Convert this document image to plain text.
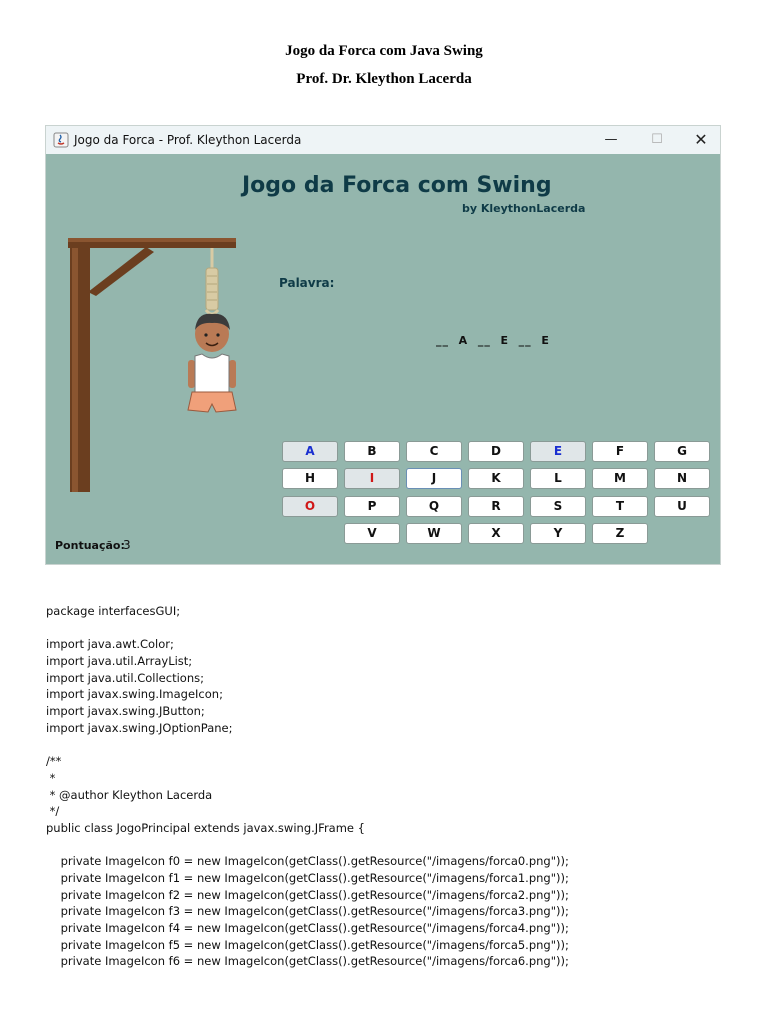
Jogo da Forca com Java Swing
Prof. Dr. Kleython Lacerda
Jogo da Forca - Prof. Kleython Lacerda	—	☐	✕
Jogo da Forca com Swing
by KleythonLacerda
Palavra:
__  A  __  E  __  E
A	B	C	D	E	F	G
H	I	J	K	L	M	N
O	P	Q	R	S	T	U
V	W	X	Y	Z
Pontuação:
3
package interfacesGUI;
import java.awt.Color;
import java.util.ArrayList;
import java.util.Collections;
import javax.swing.ImageIcon;
import javax.swing.JButton;
import javax.swing.JOptionPane;
/**
*
* @author Kleython Lacerda
*/
public class JogoPrincipal extends javax.swing.JFrame {
private ImageIcon f0 = new ImageIcon(getClass().getResource("/imagens/forca0.png"));
private ImageIcon f1 = new ImageIcon(getClass().getResource("/imagens/forca1.png"));
private ImageIcon f2 = new ImageIcon(getClass().getResource("/imagens/forca2.png"));
private ImageIcon f3 = new ImageIcon(getClass().getResource("/imagens/forca3.png"));
private ImageIcon f4 = new ImageIcon(getClass().getResource("/imagens/forca4.png"));
private ImageIcon f5 = new ImageIcon(getClass().getResource("/imagens/forca5.png"));
private ImageIcon f6 = new ImageIcon(getClass().getResource("/imagens/forca6.png"));
